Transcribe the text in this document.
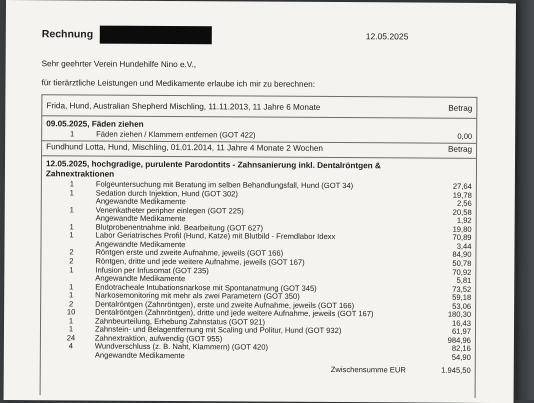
Rechnung	12.05.2025
Sehr geehrter Verein Hundehilfe Nino e.V.,
für tierärztliche Leistungen und Medikamente erlaube ich mir zu berechnen:
Frida, Hund, Australian Shepherd Mischling, 11.11.2013, 11 Jahre 6 Monate	Betrag
09.05.2025, Fäden ziehen
1	Fäden ziehen / Klammern entfernen (GOT 422)	0,00
Fundhund Lotta, Hund, Mischling, 01.01.2014, 11 Jahre 4 Monate 2 Wochen	Betrag
12.05.2025, hochgradige, purulente Parodontits - Zahnsanierung inkl. Dentalröntgen &
Zahnextraktionen
1	Folgeuntersuchung mit Beratung im selben Behandlungsfall, Hund (GOT 34)	27,64
1	Sedation durch Injektion, Hund (GOT 302)	19,78
Angewandte Medikamente	2,56
1	Venenkatheter peripher einlegen (GOT 225)	20,58
Angewandte Medikamente	1,92
1	Blutprobenentnahme inkl. Bearbeitung (GOT 627)	19,80
1	Labor Geriatrisches Profil (Hund, Katze) mit Blutbild - Fremdlabor Idexx	70,89
Angewandte Medikamente	3,44
2	Röntgen erste und zweite Aufnahme, jeweils (GOT 166)	84,90
2	Röntgen, dritte und jede weitere Aufnahme, jeweils (GOT 167)	50,78
1	Infusion per Infusomat (GOT 235)	70,92
Angewandte Medikamente	5,81
1	Endotracheale Intubationsnarkose mit Spontanatmung (GOT 345)	73,52
1	Narkosemonitoring mit mehr als zwei Parametern (GOT 350)	59,18
2	Dentalröntgen (Zahnröntgen), erste und zweite Aufnahme, jeweils (GOT 166)	53,06
10	Dentalröntgen (Zahnröntgen), dritte und jede weitere Aufnahme, jeweils (GOT 167)	180,30
1	Zahnbeurteilung, Erhebung Zahnstatus (GOT 921)	16,43
1	Zahnstein- und Belagentfernung mit Scaling und Politur, Hund (GOT 932)	61,97
24	Zahnextraktion, aufwendig (GOT 955)	984,96
4	Wundverschluss (z. B. Naht, Klammern) (GOT 420)	82,16
Angewandte Medikamente	54,90
Zwischensumme EUR	1.945,50
